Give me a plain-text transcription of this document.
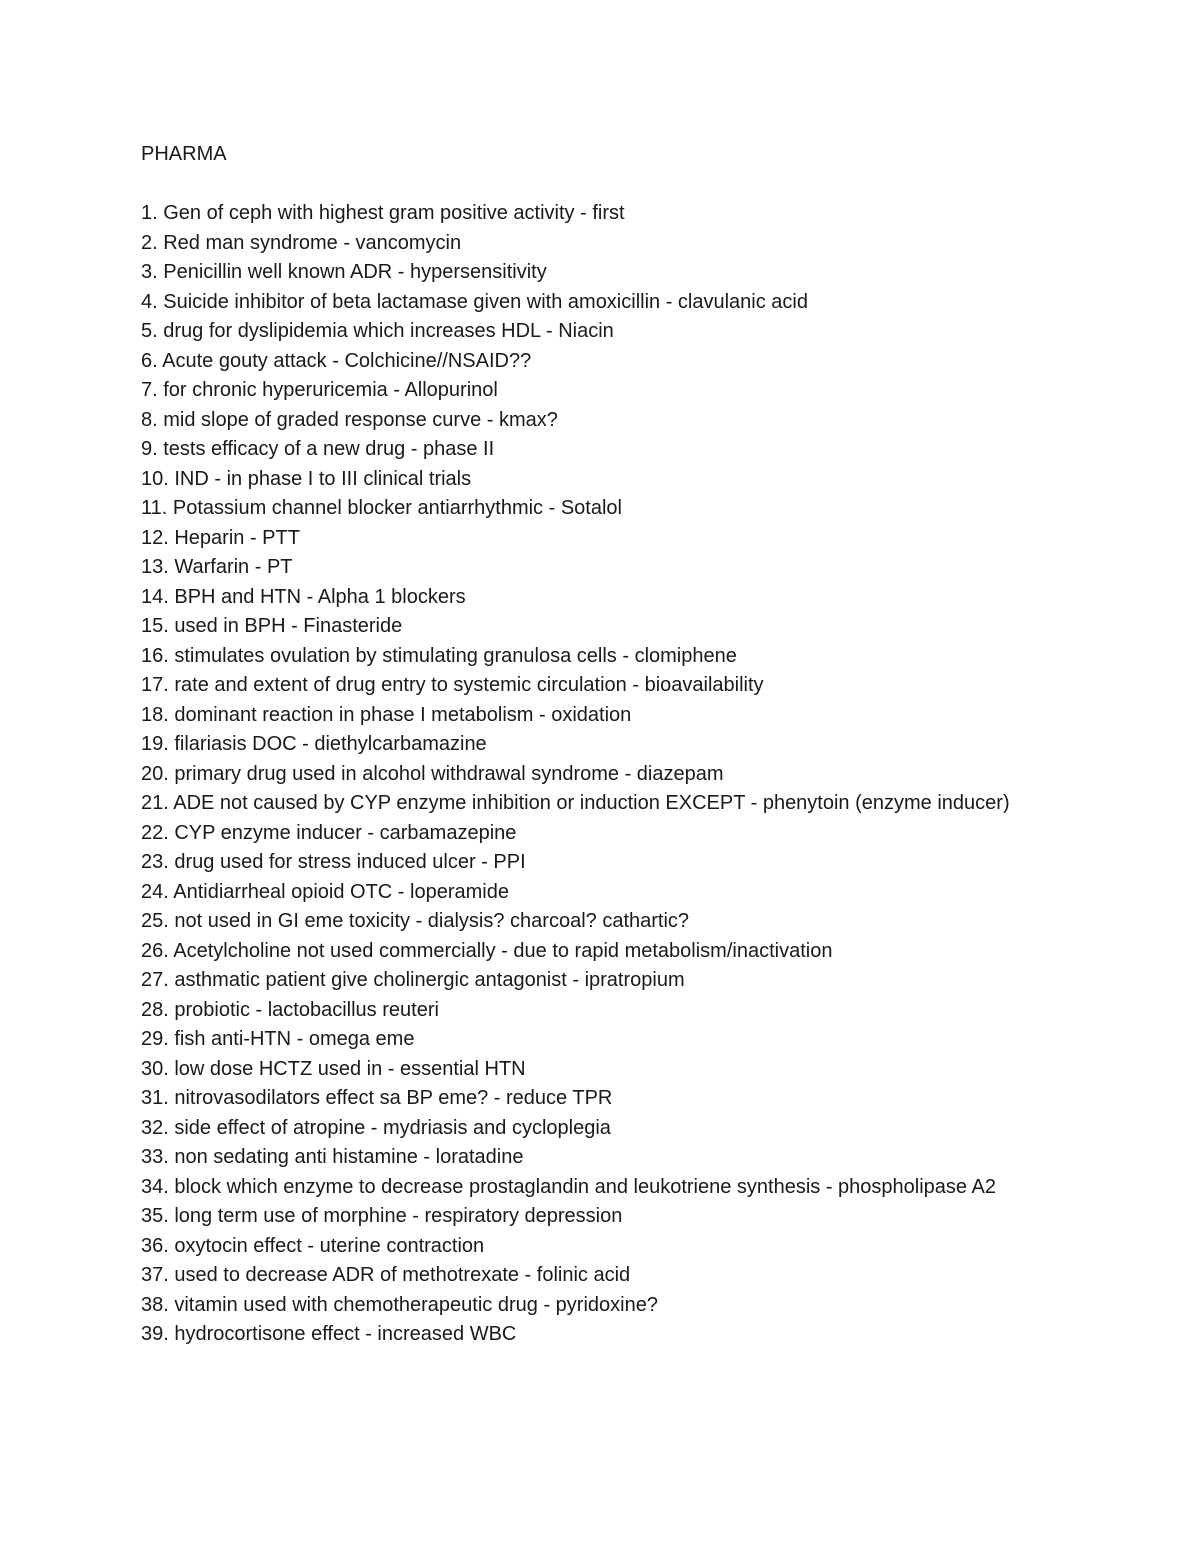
PHARMA
1. Gen of ceph with highest gram positive activity - first
2. Red man syndrome - vancomycin
3. Penicillin well known ADR - hypersensitivity
4. Suicide inhibitor of beta lactamase given with amoxicillin - clavulanic acid
5. drug for dyslipidemia which increases HDL - Niacin
6. Acute gouty attack - Colchicine//NSAID??
7. for chronic hyperuricemia - Allopurinol
8. mid slope of graded response curve - kmax?
9. tests efficacy of a new drug - phase II
10. IND - in phase I to III clinical trials
11. Potassium channel blocker antiarrhythmic - Sotalol
12. Heparin - PTT
13. Warfarin - PT
14. BPH and HTN - Alpha 1 blockers
15. used in BPH - Finasteride
16. stimulates ovulation by stimulating granulosa cells - clomiphene
17. rate and extent of drug entry to systemic circulation - bioavailability
18. dominant reaction in phase I metabolism - oxidation
19. filariasis DOC - diethylcarbamazine
20. primary drug used in alcohol withdrawal syndrome - diazepam
21. ADE not caused by CYP enzyme inhibition or induction EXCEPT - phenytoin (enzyme inducer)
22. CYP enzyme inducer - carbamazepine
23. drug used for stress induced ulcer - PPI
24. Antidiarrheal opioid OTC - loperamide
25. not used in GI eme toxicity - dialysis? charcoal? cathartic?
26. Acetylcholine not used commercially - due to rapid metabolism/inactivation
27. asthmatic patient give cholinergic antagonist - ipratropium
28. probiotic - lactobacillus reuteri
29. fish anti-HTN - omega eme
30. low dose HCTZ used in - essential HTN
31. nitrovasodilators effect sa BP eme? - reduce TPR
32. side effect of atropine - mydriasis and cycloplegia
33. non sedating anti histamine - loratadine
34. block which enzyme to decrease prostaglandin and leukotriene synthesis - phospholipase A2
35. long term use of morphine - respiratory depression
36. oxytocin effect - uterine contraction
37. used to decrease ADR of methotrexate - folinic acid
38. vitamin used with chemotherapeutic drug - pyridoxine?
39. hydrocortisone effect - increased WBC
